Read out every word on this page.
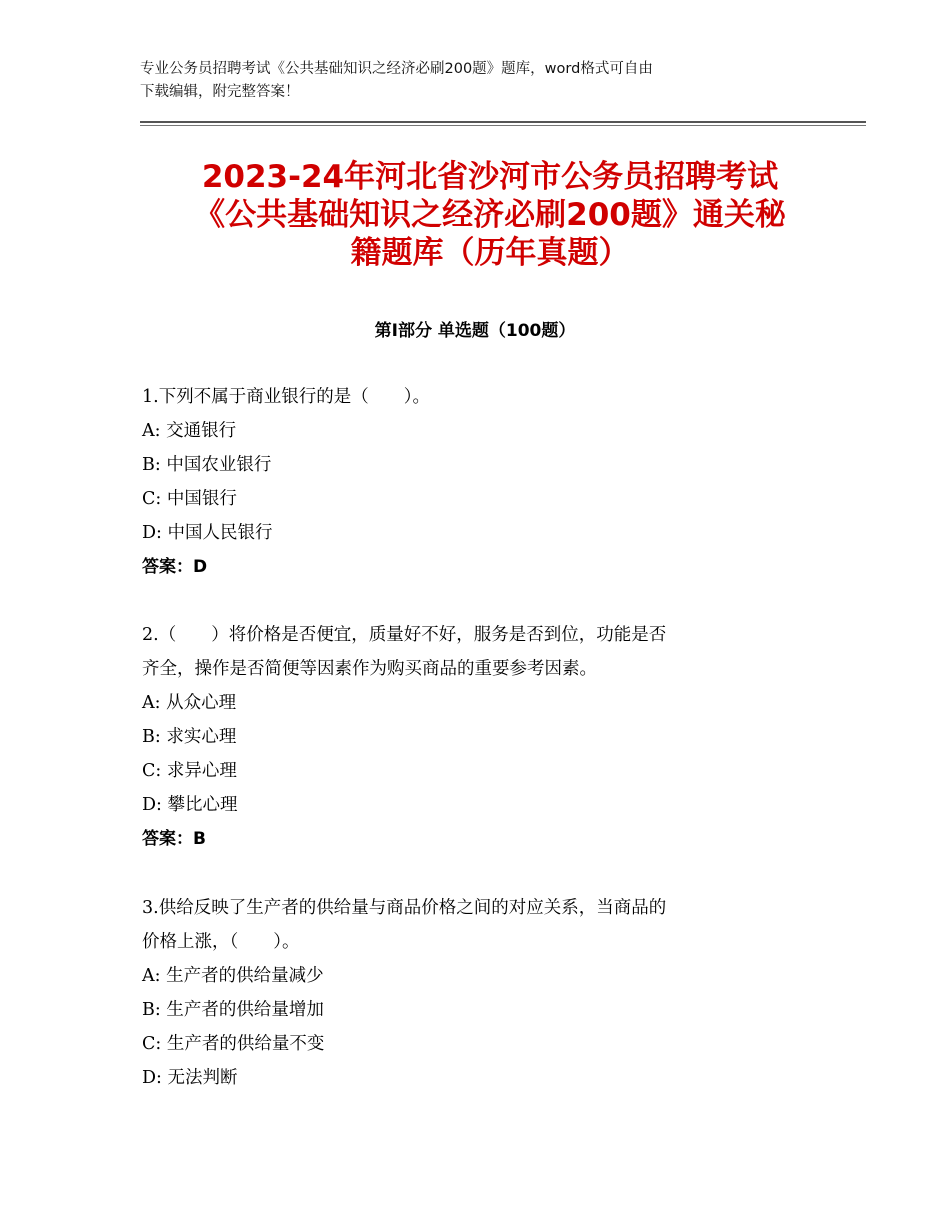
专业公务员招聘考试《公共基础知识之经济必刷200题》题库，word格式可自由
下载编辑，附完整答案！
2023-24年河北省沙河市公务员招聘考试
《公共基础知识之经济必刷200题》通关秘
籍题库（历年真题）
第Ⅰ部分 单选题（100题）

1.下列不属于商业银行的是（　　）。

A: 交通银行

B: 中国农业银行

C: 中国银行

D: 中国人民银行

答案：D

2.（　　）将价格是否便宜，质量好不好，服务是否到位，功能是否

齐全，操作是否简便等因素作为购买商品的重要参考因素。

A: 从众心理

B: 求实心理

C: 求异心理

D: 攀比心理

答案：B

3.供给反映了生产者的供给量与商品价格之间的对应关系，当商品的

价格上涨，（　　）。

A: 生产者的供给量减少

B: 生产者的供给量增加

C: 生产者的供给量不变

D: 无法判断
